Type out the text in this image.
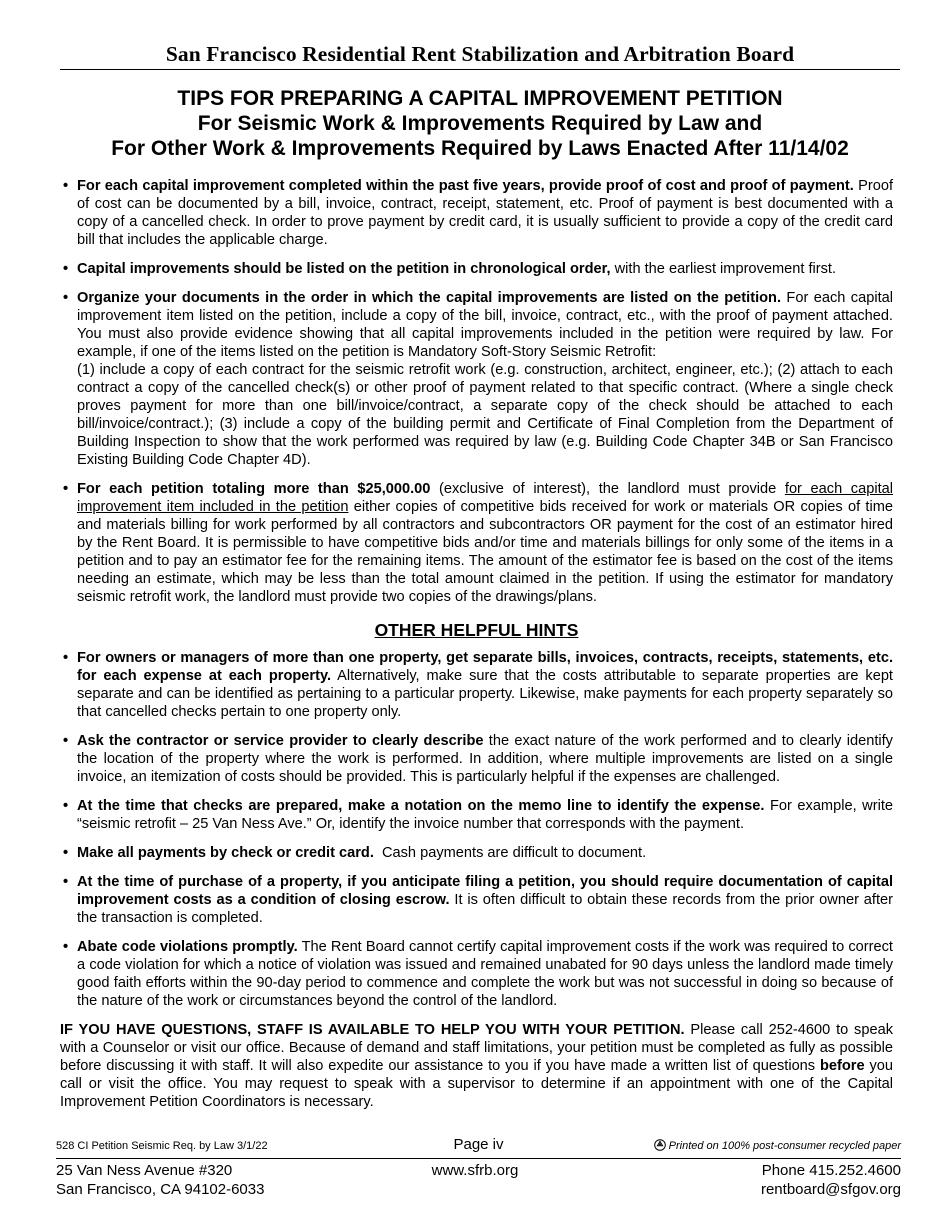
San Francisco Residential Rent Stabilization and Arbitration Board
TIPS FOR PREPARING A CAPITAL IMPROVEMENT PETITION
For Seismic Work & Improvements Required by Law and
For Other Work & Improvements Required by Laws Enacted After 11/14/02
• For each capital improvement completed within the past five years, provide proof of cost and proof of payment. Proof of cost can be documented by a bill, invoice, contract, receipt, statement, etc. Proof of payment is best documented with a copy of a cancelled check. In order to prove payment by credit card, it is usually sufficient to provide a copy of the credit card bill that includes the applicable charge.
• Capital improvements should be listed on the petition in chronological order, with the earliest improvement first.
• Organize your documents in the order in which the capital improvements are listed on the petition. For each capital improvement item listed on the petition, include a copy of the bill, invoice, contract, etc., with the proof of payment attached. You must also provide evidence showing that all capital improvements included in the petition were required by law. For example, if one of the items listed on the petition is Mandatory Soft-Story Seismic Retrofit:
(1) include a copy of each contract for the seismic retrofit work (e.g. construction, architect, engineer, etc.); (2) attach to each contract a copy of the cancelled check(s) or other proof of payment related to that specific contract. (Where a single check proves payment for more than one bill/invoice/contract, a separate copy of the check should be attached to each bill/invoice/contract.); (3) include a copy of the building permit and Certificate of Final Completion from the Department of Building Inspection to show that the work performed was required by law (e.g. Building Code Chapter 34B or San Francisco Existing Building Code Chapter 4D).
• For each petition totaling more than $25,000.00 (exclusive of interest), the landlord must provide for each capital improvement item included in the petition either copies of competitive bids received for work or materials OR copies of time and materials billing for work performed by all contractors and subcontractors OR payment for the cost of an estimator hired by the Rent Board. It is permissible to have competitive bids and/or time and materials billings for only some of the items in a petition and to pay an estimator fee for the remaining items. The amount of the estimator fee is based on the cost of the items needing an estimate, which may be less than the total amount claimed in the petition. If using the estimator for mandatory seismic retrofit work, the landlord must provide two copies of the drawings/plans.
OTHER HELPFUL HINTS
• For owners or managers of more than one property, get separate bills, invoices, contracts, receipts, statements, etc. for each expense at each property. Alternatively, make sure that the costs attributable to separate properties are kept separate and can be identified as pertaining to a particular property. Likewise, make payments for each property separately so that cancelled checks pertain to one property only.
• Ask the contractor or service provider to clearly describe the exact nature of the work performed and to clearly identify the location of the property where the work is performed. In addition, where multiple improvements are listed on a single invoice, an itemization of costs should be provided. This is particularly helpful if the expenses are challenged.
• At the time that checks are prepared, make a notation on the memo line to identify the expense. For example, write “seismic retrofit – 25 Van Ness Ave.” Or, identify the invoice number that corresponds with the payment.
• Make all payments by check or credit card.  Cash payments are difficult to document.
• At the time of purchase of a property, if you anticipate filing a petition, you should require documentation of capital improvement costs as a condition of closing escrow. It is often difficult to obtain these records from the prior owner after the transaction is completed.
• Abate code violations promptly. The Rent Board cannot certify capital improvement costs if the work was required to correct a code violation for which a notice of violation was issued and remained unabated for 90 days unless the landlord made timely good faith efforts within the 90-day period to commence and complete the work but was not successful in doing so because of the nature of the work or circumstances beyond the control of the landlord.
IF YOU HAVE QUESTIONS, STAFF IS AVAILABLE TO HELP YOU WITH YOUR PETITION. Please call 252-4600 to speak with a Counselor or visit our office. Because of demand and staff limitations, your petition must be completed as fully as possible before discussing it with staff. It will also expedite our assistance to you if you have made a written list of questions before you call or visit the office. You may request to speak with a supervisor to determine if an appointment with one of the Capital Improvement Petition Coordinators is necessary.
528 CI Petition Seismic Req. by Law 3/1/22	Page iv	Printed on 100% post-consumer recycled paper
25 Van Ness Avenue #320
San Francisco, CA 94102-6033
www.sfrb.org	Phone 415.252.4600
rentboard@sfgov.org
